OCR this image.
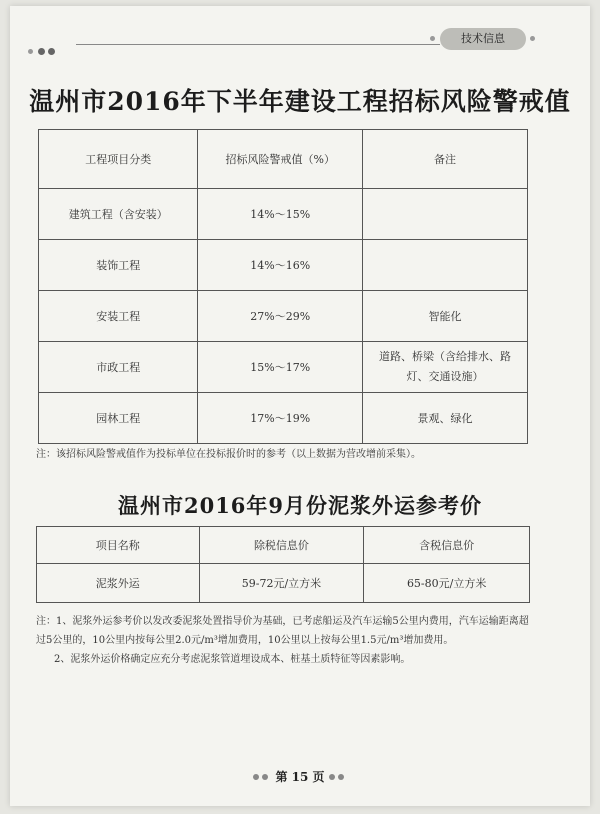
技术信息
温州市2016年下半年建设工程招标风险警戒值
工程项目分类	招标风险警戒值（%）	备注
建筑工程（含安装）	14%～15%	
装饰工程	14%～16%	
安装工程	27%～29%	智能化
市政工程	15%～17%	道路、桥梁（含给排水、路灯、交通设施）
园林工程	17%～19%	景观、绿化
注：该招标风险警戒值作为投标单位在投标报价时的参考（以上数据为营改增前采集）。
温州市2016年9月份泥浆外运参考价
项目名称	除税信息价	含税信息价
泥浆外运	59-72元/立方米	65-80元/立方米

注：1、泥浆外运参考价以发改委泥浆处置指导价为基础，已考虑船运及汽车运输5公里内费用，汽车运输距离超过5公里的，10公里内按每公里2.0元/m³增加费用，10公里以上按每公里1.5元/m³增加费用。

2、泥浆外运价格确定应充分考虑泥浆管道埋设成本、桩基土质特征等因素影响。

第 15 页
